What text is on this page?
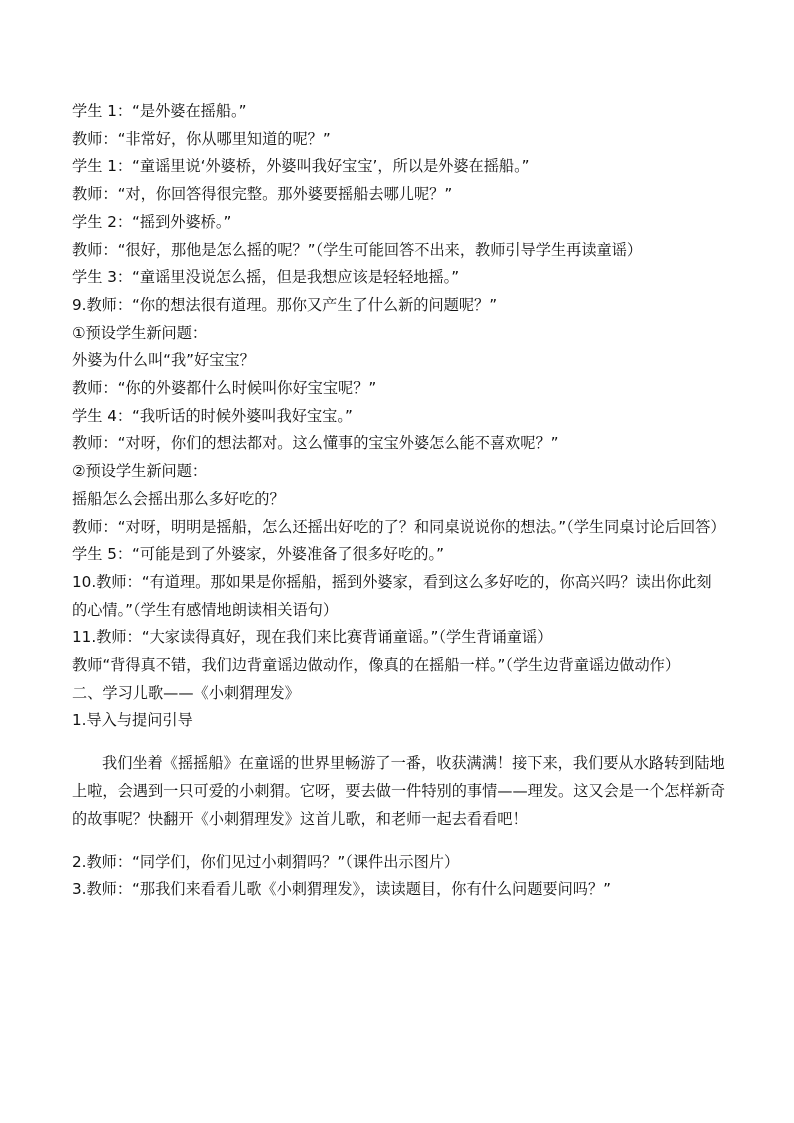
学生 1：“是外婆在摇船。”

教师：“非常好，你从哪里知道的呢？”

学生 1：“童谣里说‘外婆桥，外婆叫我好宝宝’，所以是外婆在摇船。”

教师：“对，你回答得很完整。那外婆要摇船去哪儿呢？”

学生 2：“摇到外婆桥。”

教师：“很好，那他是怎么摇的呢？”（学生可能回答不出来，教师引导学生再读童谣）

学生 3：“童谣里没说怎么摇，但是我想应该是轻轻地摇。”

9.教师：“你的想法很有道理。那你又产生了什么新的问题呢？”

①预设学生新问题：

外婆为什么叫“我”好宝宝？

教师：“你的外婆都什么时候叫你好宝宝呢？”

学生 4：“我听话的时候外婆叫我好宝宝。”

教师：“对呀，你们的想法都对。这么懂事的宝宝外婆怎么能不喜欢呢？”

②预设学生新问题：

摇船怎么会摇出那么多好吃的？

教师：“对呀，明明是摇船，怎么还摇出好吃的了？和同桌说说你的想法。”（学生同桌讨论后回答）

学生 5：“可能是到了外婆家，外婆准备了很多好吃的。”

10.教师：“有道理。那如果是你摇船，摇到外婆家，看到这么多好吃的，你高兴吗？读出你此刻的心情。”（学生有感情地朗读相关语句）

11.教师：“大家读得真好，现在我们来比赛背诵童谣。”（学生背诵童谣）

教师“背得真不错，我们边背童谣边做动作，像真的在摇船一样。”（学生边背童谣边做动作）

二、学习儿歌——《小刺猬理发》

1.导入与提问引导

我们坐着《摇摇船》在童谣的世界里畅游了一番，收获满满！接下来，我们要从水路转到陆地上啦，会遇到一只可爱的小刺猬。它呀，要去做一件特别的事情——理发。这又会是一个怎样新奇的故事呢？快翻开《小刺猬理发》这首儿歌，和老师一起去看看吧！

2.教师：“同学们，你们见过小刺猬吗？”（课件出示图片）

3.教师：“那我们来看看儿歌《小刺猬理发》，读读题目，你有什么问题要问吗？”
